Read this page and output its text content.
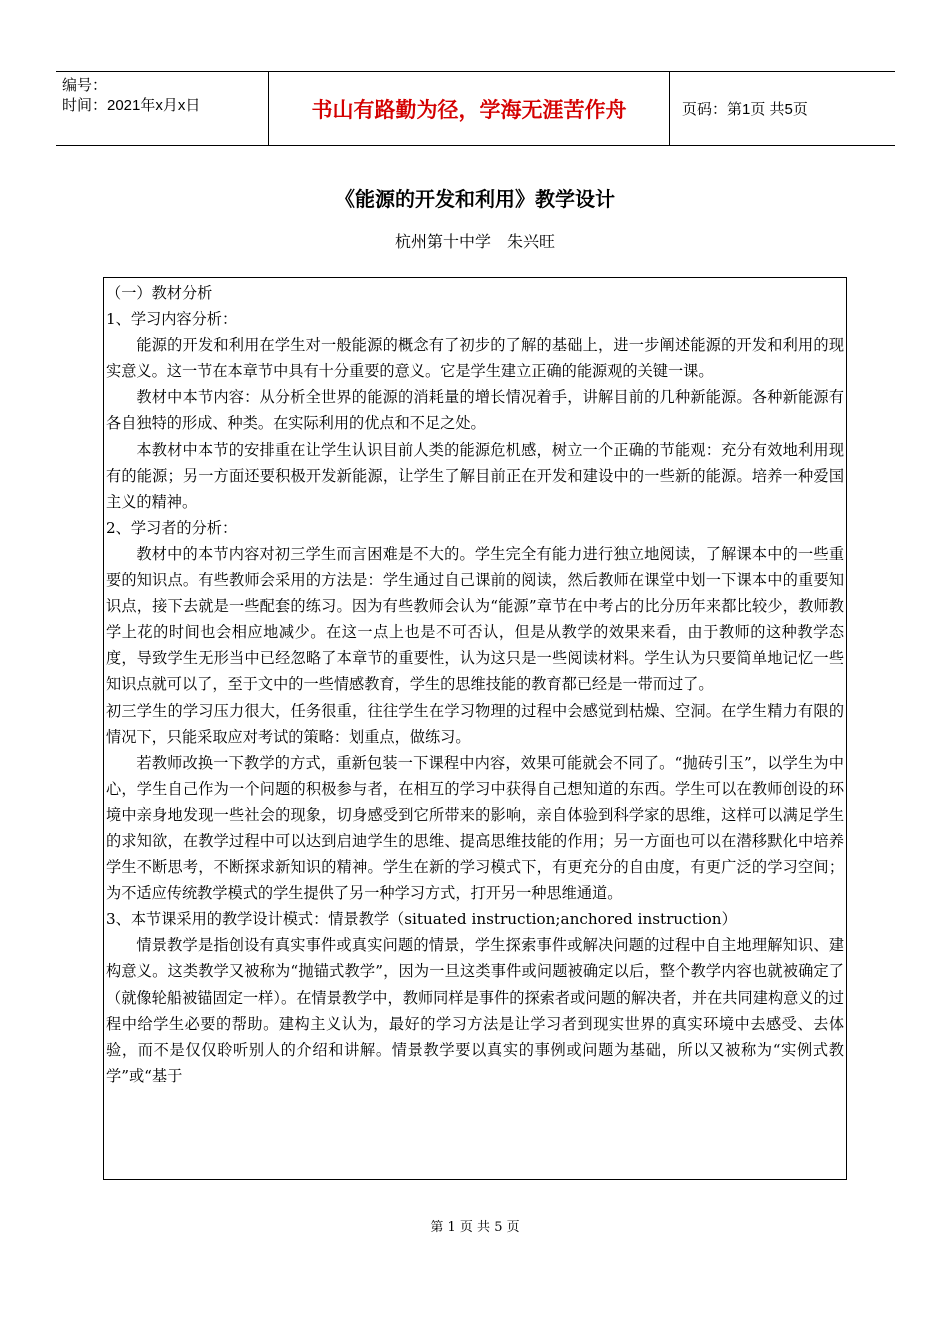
编号：
时间：2021年x月x日	书山有路勤为径，学海无涯苦作舟	页码：第1页 共5页
《能源的开发和利用》教学设计
杭州第十中学　朱兴旺

（一）教材分析

1、学习内容分析：

能源的开发和利用在学生对一般能源的概念有了初步的了解的基础上，进一步阐述能源的开发和利用的现实意义。这一节在本章节中具有十分重要的意义。它是学生建立正确的能源观的关键一课。

教材中本节内容：从分析全世界的能源的消耗量的增长情况着手，讲解目前的几种新能源。各种新能源有各自独特的形成、种类。在实际利用的优点和不足之处。

本教材中本节的安排重在让学生认识目前人类的能源危机感，树立一个正确的节能观：充分有效地利用现有的能源；另一方面还要积极开发新能源，让学生了解目前正在开发和建设中的一些新的能源。培养一种爱国主义的精神。

2、学习者的分析：

教材中的本节内容对初三学生而言困难是不大的。学生完全有能力进行独立地阅读，了解课本中的一些重要的知识点。有些教师会采用的方法是：学生通过自己课前的阅读，然后教师在课堂中划一下课本中的重要知识点，接下去就是一些配套的练习。因为有些教师会认为“能源”章节在中考占的比分历年来都比较少，教师教学上花的时间也会相应地减少。在这一点上也是不可否认，但是从教学的效果来看，由于教师的这种教学态度，导致学生无形当中已经忽略了本章节的重要性，认为这只是一些阅读材料。学生认为只要简单地记忆一些知识点就可以了，至于文中的一些情感教育，学生的思维技能的教育都已经是一带而过了。

初三学生的学习压力很大，任务很重，往往学生在学习物理的过程中会感觉到枯燥、空洞。在学生精力有限的情况下，只能采取应对考试的策略：划重点，做练习。

若教师改换一下教学的方式，重新包装一下课程中内容，效果可能就会不同了。“抛砖引玉”，以学生为中心，学生自己作为一个问题的积极参与者，在相互的学习中获得自己想知道的东西。学生可以在教师创设的环境中亲身地发现一些社会的现象，切身感受到它所带来的影响，亲自体验到科学家的思维，这样可以满足学生的求知欲，在教学过程中可以达到启迪学生的思维、提高思维技能的作用；另一方面也可以在潜移默化中培养学生不断思考，不断探求新知识的精神。学生在新的学习模式下，有更充分的自由度，有更广泛的学习空间；为不适应传统教学模式的学生提供了另一种学习方式，打开另一种思维通道。

3、本节课采用的教学设计模式：情景教学（situated instruction;anchored instruction）

情景教学是指创设有真实事件或真实问题的情景，学生探索事件或解决问题的过程中自主地理解知识、建构意义。这类教学又被称为“抛锚式教学”，因为一旦这类事件或问题被确定以后，整个教学内容也就被确定了（就像轮船被锚固定一样）。在情景教学中，教师同样是事件的探索者或问题的解决者，并在共同建构意义的过程中给学生必要的帮助。建构主义认为，最好的学习方法是让学习者到现实世界的真实环境中去感受、去体验，而不是仅仅聆听别人的介绍和讲解。情景教学要以真实的事例或问题为基础，所以又被称为“实例式教学”或“基于

第 1 页 共 5 页
